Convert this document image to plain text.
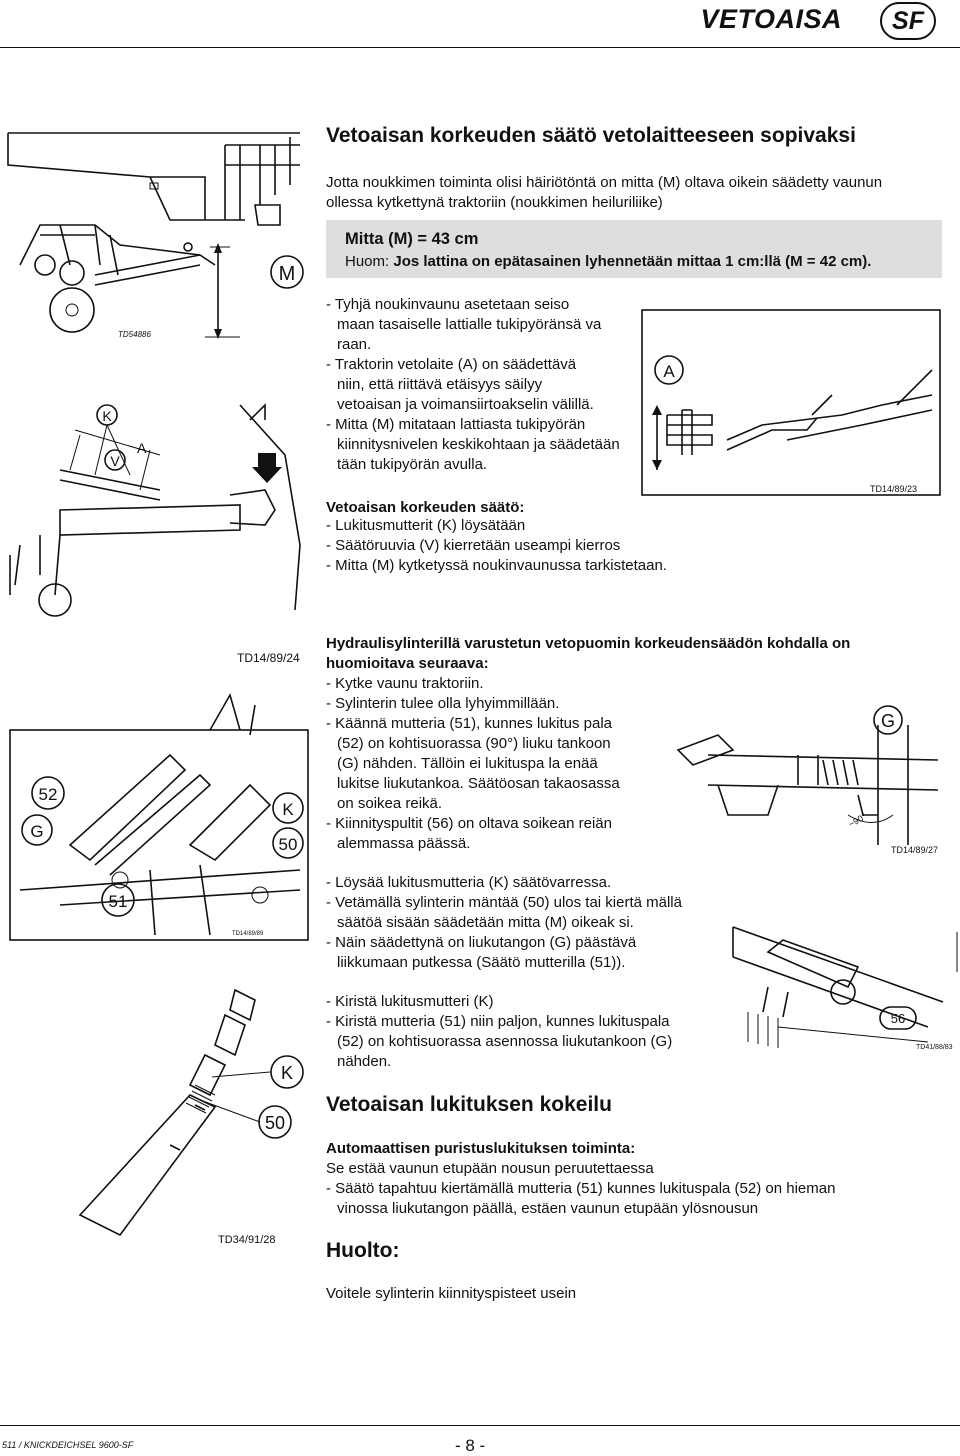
VETOAISA	SF
M
TD54886
K
V
A
A
TD14/89/23
TD14/89/24
52
G
K
50
51
TD14/89/89
G
~90°
TD14/89/27
56
TD41/88/83
K
50
TD34/91/28
Vetoaisan korkeuden säätö vetolaitteeseen sopivaksi
Jotta noukkimen toiminta olisi häiriötöntä on mitta (M) oltava oikein säädetty vaunun
ollessa kytkettynä traktoriin (noukkimen heiluriliike)
Mitta (M) = 43 cm
Huom: Jos lattina on epätasainen lyhennetään mittaa 1 cm:llä (M = 42 cm).
- Tyhjä noukinvaunu asetetaan seiso
maan tasaiselle lattialle tukipyöränsä va
raan.
- Traktorin vetolaite (A) on säädettävä
niin, että riittävä etäisyys säilyy
vetoaisan ja voimansiirtoakselin välillä.
- Mitta (M) mitataan lattiasta tukipyörän
kiinnitysnivelen keskikohtaan ja säädetään
tään tukipyörän avulla.
Vetoaisan korkeuden säätö:
- Lukitusmutterit (K) löysätään
- Säätöruuvia (V) kierretään useampi kierros
- Mitta (M) kytketyssä noukinvaunussa tarkistetaan.
Hydraulisylinterillä varustetun vetopuomin korkeudensäädön kohdalla on
huomioitava seuraava:
- Kytke vaunu traktoriin.
- Sylinterin tulee olla lyhyimmillään.
- Käännä mutteria (51), kunnes lukitus pala
(52) on kohtisuorassa (90°) liuku tankoon
(G) nähden. Tällöin ei lukituspa la enää
lukitse liukutankoa. Säätöosan takaosassa
on soikea reikä.
- Kiinnityspultit (56) on oltava soikean reiän
alemmassa päässä.
- Löysää lukitusmutteria (K) säätövarressa.
- Vetämällä sylinterin mäntää (50) ulos tai kiertä mällä
säätöä sisään säädetään mitta (M) oikeak si.
- Näin säädettynä on liukutangon (G) päästävä
liikkumaan putkessa (Säätö mutterilla (51)).
- Kiristä lukitusmutteri (K)
- Kiristä mutteria (51) niin paljon, kunnes lukituspala
(52) on kohtisuorassa asennossa liukutankoon (G)
nähden.
Vetoaisan lukituksen kokeilu
Automaattisen puristuslukituksen toiminta:
Se estää vaunun etupään nousun peruutettaessa
- Säätö tapahtuu kiertämällä mutteria (51) kunnes lukituspala (52) on hieman
vinossa liukutangon päällä, estäen vaunun etupään ylösnousun
Huolto:
Voitele sylinterin kiinnityspisteet usein
511 / KNICKDEICHSEL 9600-SF	- 8 -
